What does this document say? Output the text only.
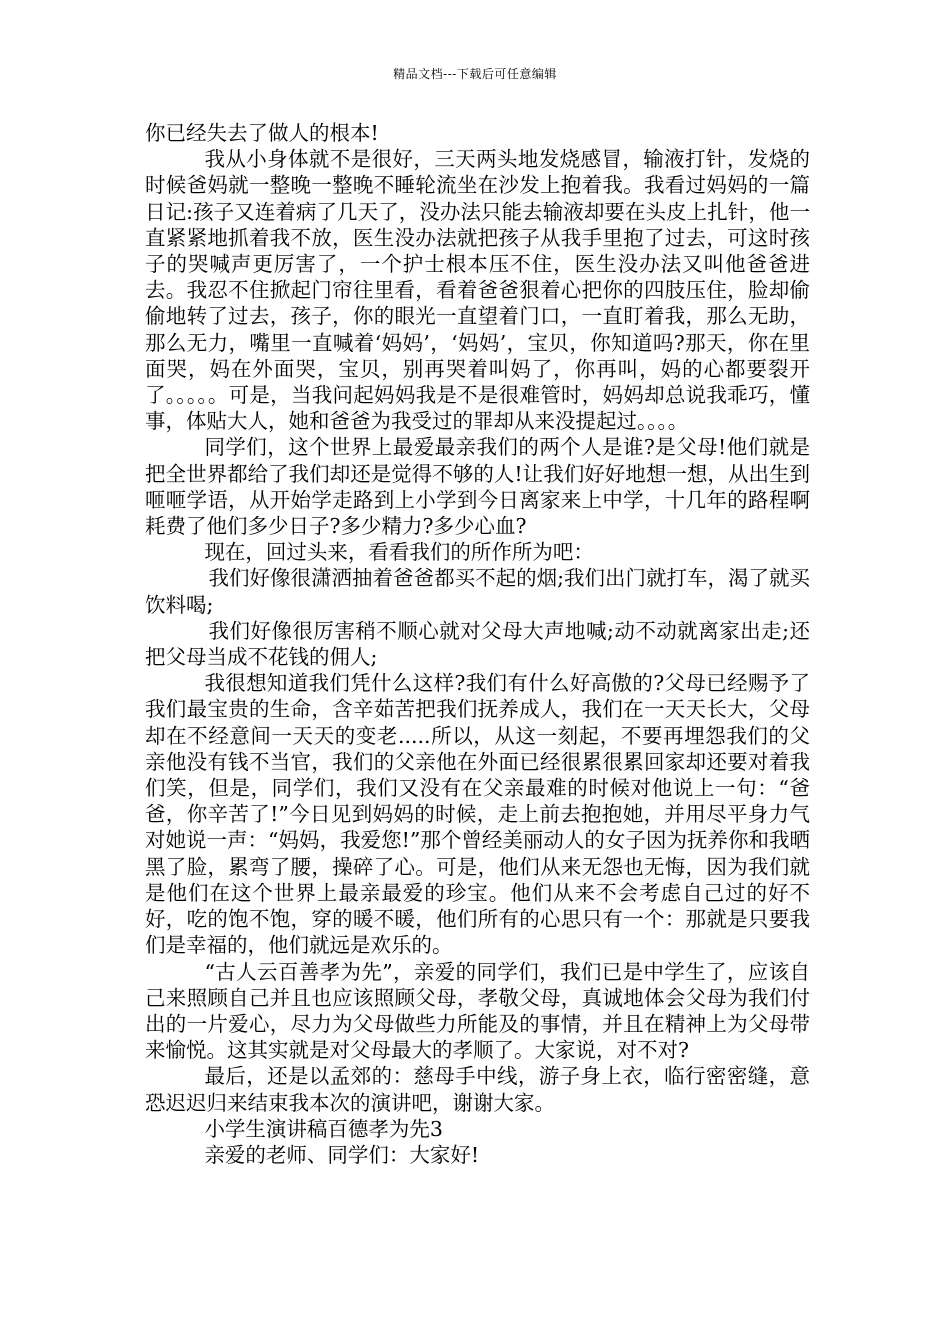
精品文档---下载后可任意编辑

你已经失去了做人的根本!

我从小身体就不是很好，三天两头地发烧感冒，输液打针，发烧的时候爸妈就一整晚一整晚不睡轮流坐在沙发上抱着我。我看过妈妈的一篇日记:孩子又连着病了几天了，没办法只能去输液却要在头皮上扎针，他一直紧紧地抓着我不放，医生没办法就把孩子从我手里抱了过去，可这时孩子的哭喊声更厉害了，一个护士根本压不住，医生没办法又叫他爸爸进去。我忍不住掀起门帘往里看，看着爸爸狠着心把你的四肢压住，脸却偷偷地转了过去，孩子，你的眼光一直望着门口，一直盯着我，那么无助，那么无力，嘴里一直喊着‘妈妈’，‘妈妈’，宝贝，你知道吗?那天，你在里面哭，妈在外面哭，宝贝，别再哭着叫妈了，你再叫，妈的心都要裂开了。。。。。可是，当我问起妈妈我是不是很难管时，妈妈却总说我乖巧，懂事，体贴大人，她和爸爸为我受过的罪却从来没提起过。。。。

同学们，这个世界上最爱最亲我们的两个人是谁?是父母!他们就是把全世界都给了我们却还是觉得不够的人!让我们好好地想一想，从出生到咂咂学语，从开始学走路到上小学到今日离家来上中学，十几年的路程啊耗费了他们多少日子?多少精力?多少心血?

现在，回过头来，看看我们的所作所为吧：

我们好像很潇洒抽着爸爸都买不起的烟;我们出门就打车，渴了就买饮料喝;

我们好像很厉害稍不顺心就对父母大声地喊;动不动就离家出走;还把父母当成不花钱的佣人;

我很想知道我们凭什么这样?我们有什么好高傲的?父母已经赐予了我们最宝贵的生命，含辛茹苦把我们抚养成人，我们在一天天长大，父母却在不经意间一天天的变老.....所以，从这一刻起，不要再埋怨我们的父亲他没有钱不当官，我们的父亲他在外面已经很累很累回家却还要对着我们笑，但是，同学们，我们又没有在父亲最难的时候对他说上一句：“爸爸，你辛苦了!”今日见到妈妈的时候，走上前去抱抱她，并用尽平身力气对她说一声：“妈妈，我爱您!”那个曾经美丽动人的女子因为抚养你和我晒黑了脸，累弯了腰，操碎了心。可是，他们从来无怨也无悔，因为我们就是他们在这个世界上最亲最爱的珍宝。他们从来不会考虑自己过的好不好，吃的饱不饱，穿的暖不暖，他们所有的心思只有一个：那就是只要我们是幸福的，他们就远是欢乐的。

“古人云百善孝为先”，亲爱的同学们，我们已是中学生了，应该自己来照顾自己并且也应该照顾父母，孝敬父母，真诚地体会父母为我们付出的一片爱心，尽力为父母做些力所能及的事情，并且在精神上为父母带来愉悦。这其实就是对父母最大的孝顺了。大家说，对不对?

最后，还是以孟郊的：慈母手中线，游子身上衣，临行密密缝，意恐迟迟归来结束我本次的演讲吧，谢谢大家。

小学生演讲稿百德孝为先3

亲爱的老师、同学们：大家好!
